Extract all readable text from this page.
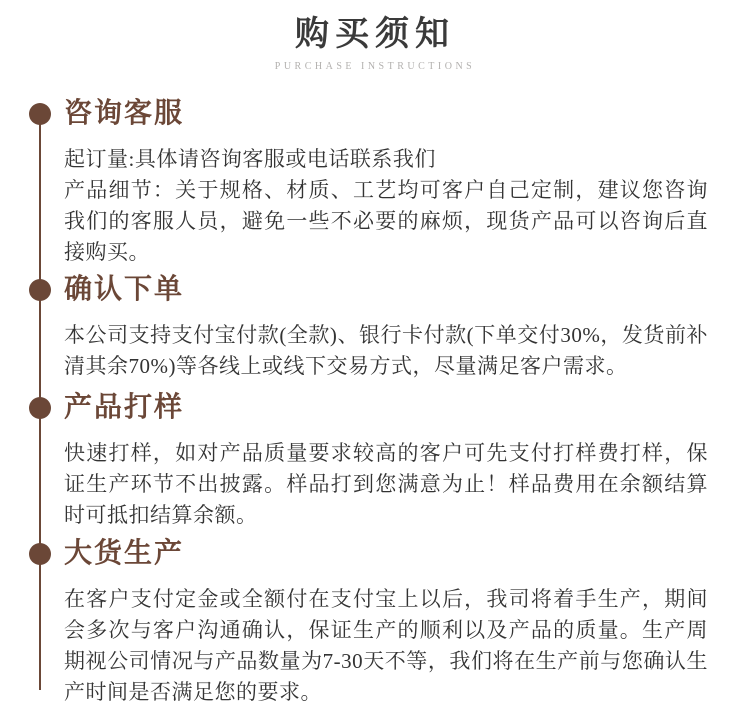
购买须知
PURCHASE INSTRUCTIONS
咨询客服

起订量:具体请咨询客服或电话联系我们

产品细节：关于规格、材质、工艺均可客户自己定制，建议您咨询我们的客服人员，避免一些不必要的麻烦，现货产品可以咨询后直接购买。

确认下单

本公司支持支付宝付款(全款)、银行卡付款(下单交付30%，发货前补清其余70%)等各线上或线下交易方式，尽量满足客户需求。

产品打样

快速打样，如对产品质量要求较高的客户可先支付打样费打样，保证生产环节不出披露。样品打到您满意为止！样品费用在余额结算时可抵扣结算余额。

大货生产

在客户支付定金或全额付在支付宝上以后，我司将着手生产，期间会多次与客户沟通确认，保证生产的顺利以及产品的质量。生产周期视公司情况与产品数量为7-30天不等，我们将在生产前与您确认生产时间是否满足您的要求。
